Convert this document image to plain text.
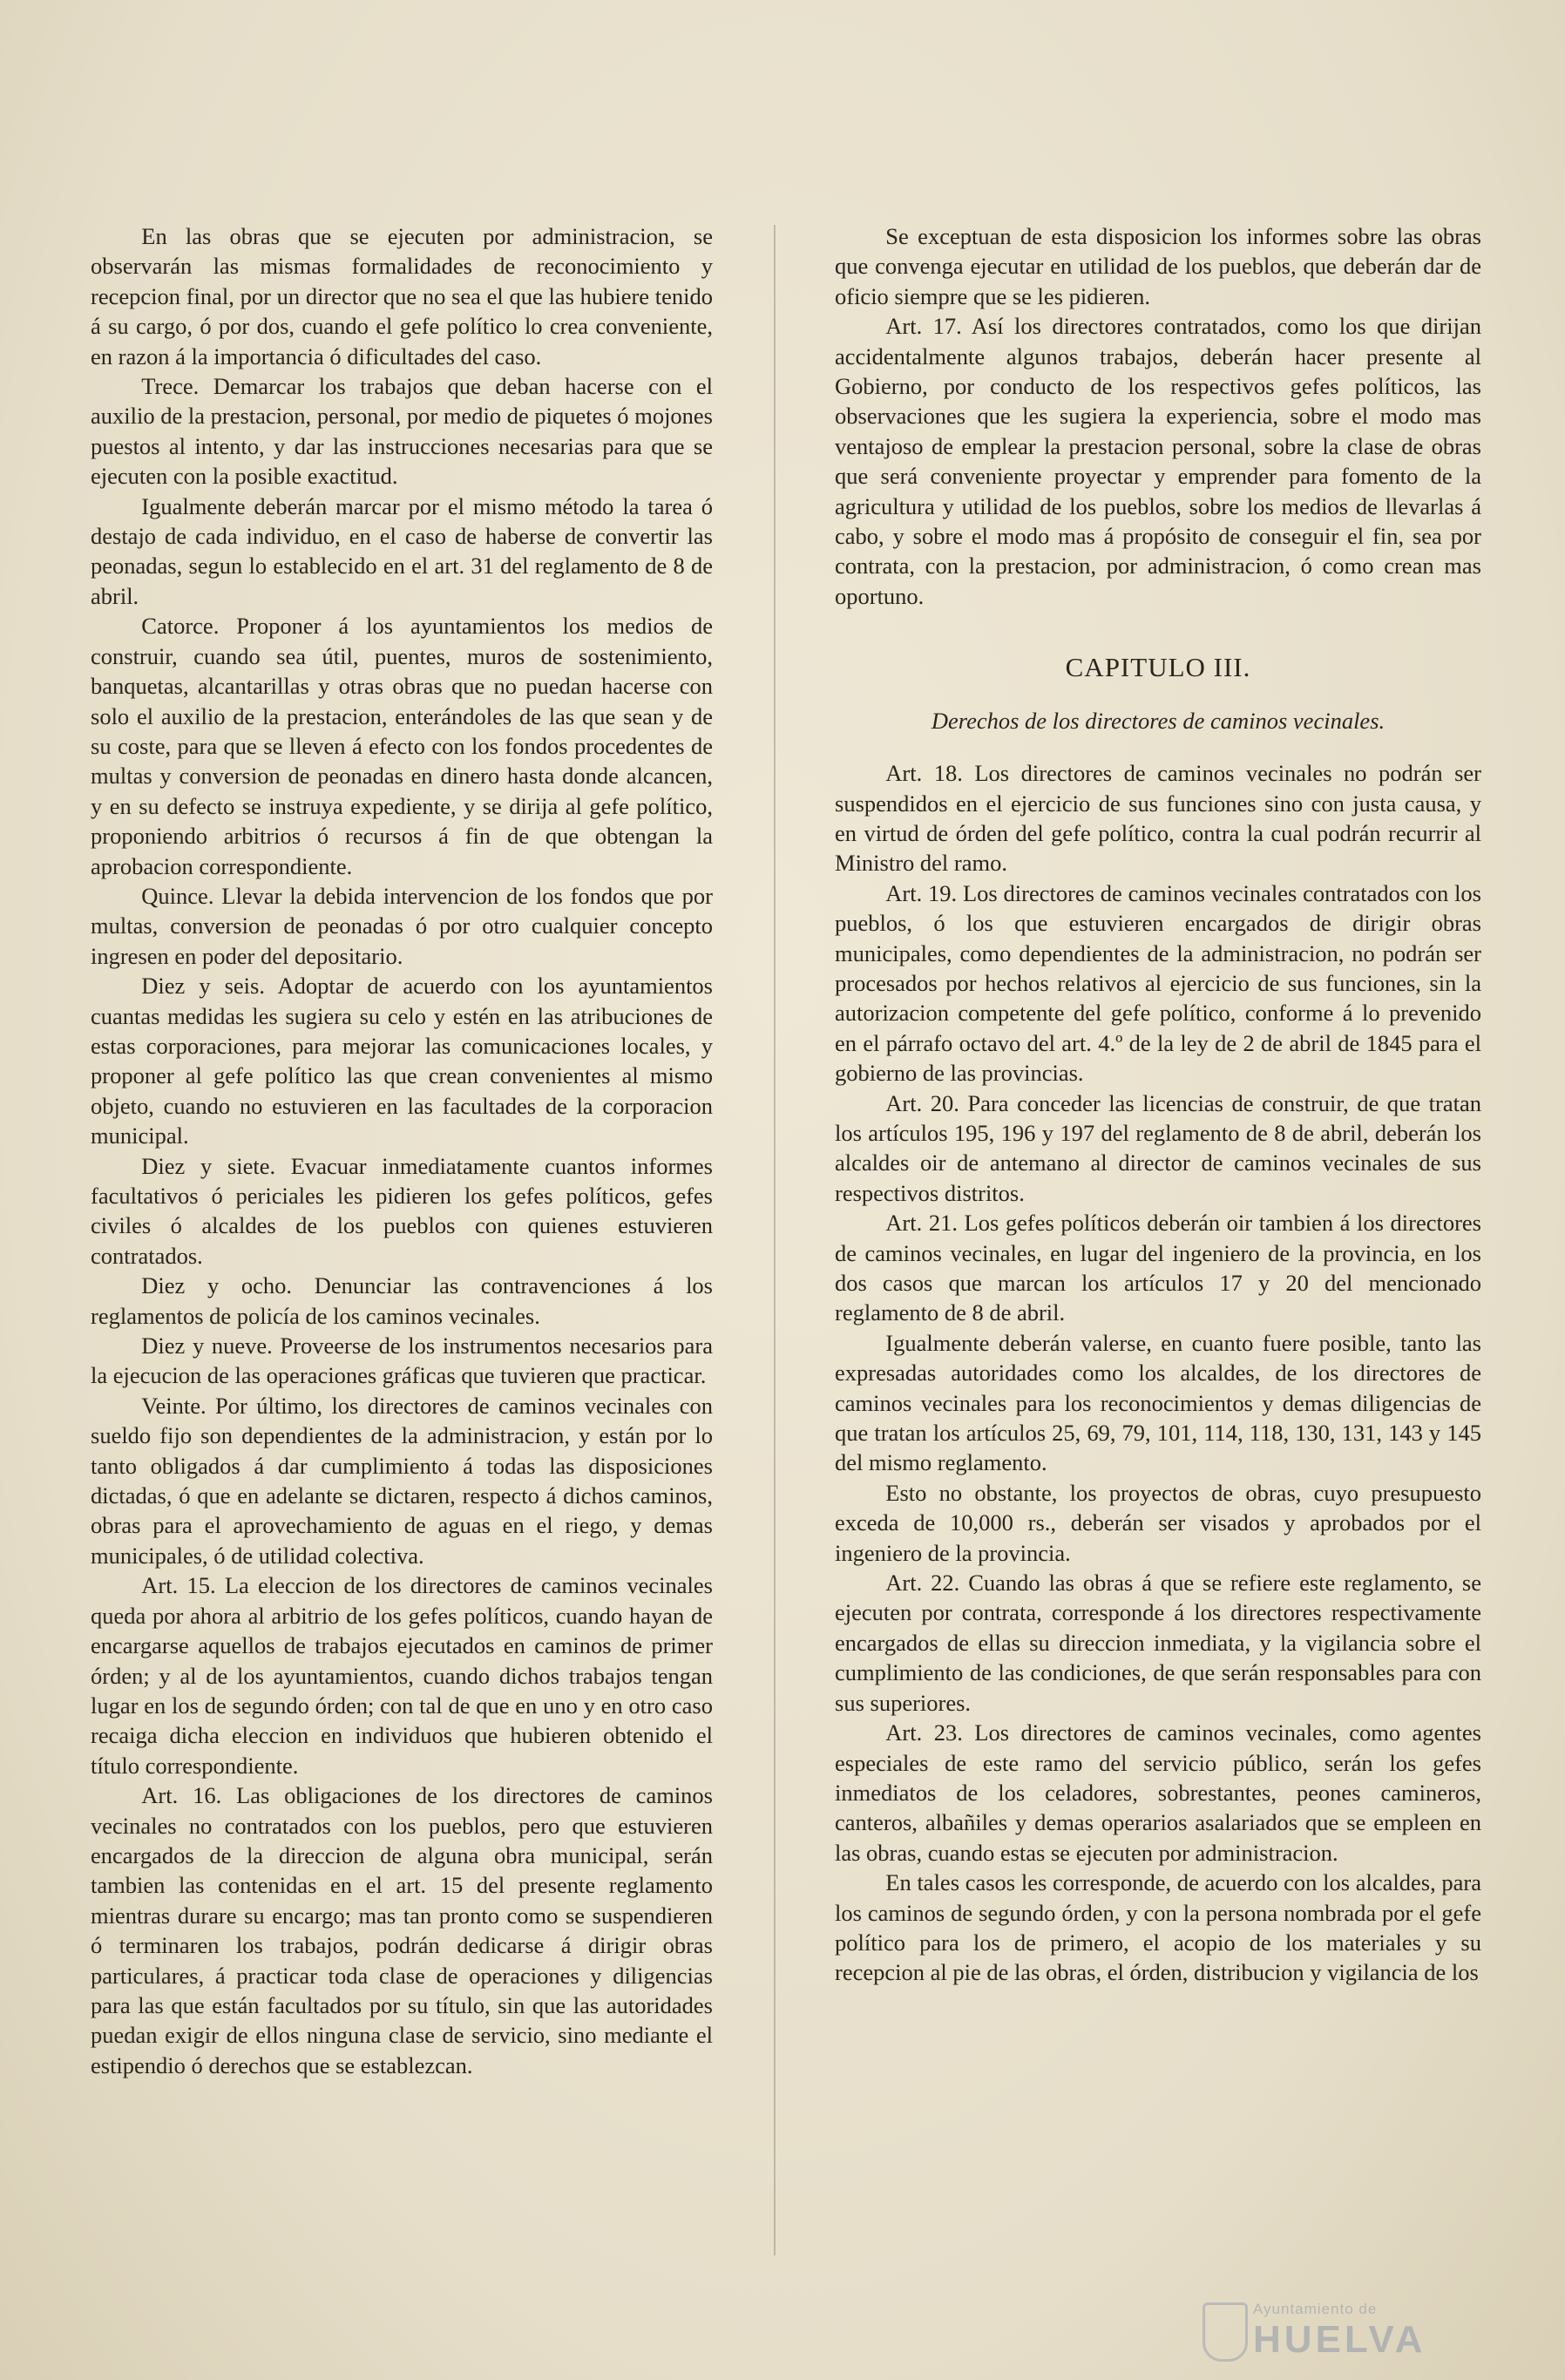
En las obras que se ejecuten por administracion, se observarán las mismas formalidades de reconocimiento y recepcion final, por un director que no sea el que las hubiere tenido á su cargo, ó por dos, cuando el gefe político lo crea conveniente, en razon á la importancia ó dificultades del caso.

Trece. Demarcar los trabajos que deban hacerse con el auxilio de la prestacion, personal, por medio de piquetes ó mojones puestos al intento, y dar las instrucciones necesarias para que se ejecuten con la posible exactitud.

Igualmente deberán marcar por el mismo método la tarea ó destajo de cada individuo, en el caso de haberse de convertir las peonadas, segun lo establecido en el art. 31 del reglamento de 8 de abril.

Catorce. Proponer á los ayuntamientos los medios de construir, cuando sea útil, puentes, muros de sostenimiento, banquetas, alcantarillas y otras obras que no puedan hacerse con solo el auxilio de la prestacion, enterándoles de las que sean y de su coste, para que se lleven á efecto con los fondos procedentes de multas y conversion de peonadas en dinero hasta donde alcancen, y en su defecto se instruya expediente, y se dirija al gefe político, proponiendo arbitrios ó recursos á fin de que obtengan la aprobacion correspondiente.

Quince. Llevar la debida intervencion de los fondos que por multas, conversion de peonadas ó por otro cualquier concepto ingresen en poder del depositario.

Diez y seis. Adoptar de acuerdo con los ayuntamientos cuantas medidas les sugiera su celo y estén en las atribuciones de estas corporaciones, para mejorar las comunicaciones locales, y proponer al gefe político las que crean convenientes al mismo objeto, cuando no estuvieren en las facultades de la corporacion municipal.

Diez y siete. Evacuar inmediatamente cuantos informes facultativos ó periciales les pidieren los gefes políticos, gefes civiles ó alcaldes de los pueblos con quienes estuvieren contratados.

Diez y ocho. Denunciar las contravenciones á los reglamentos de policía de los caminos vecinales.

Diez y nueve. Proveerse de los instrumentos necesarios para la ejecucion de las operaciones gráficas que tuvieren que practicar.

Veinte. Por último, los directores de caminos vecinales con sueldo fijo son dependientes de la administracion, y están por lo tanto obligados á dar cumplimiento á todas las disposiciones dictadas, ó que en adelante se dictaren, respecto á dichos caminos, obras para el aprovechamiento de aguas en el riego, y demas municipales, ó de utilidad colectiva.

Art. 15. La eleccion de los directores de caminos vecinales queda por ahora al arbitrio de los gefes políticos, cuando hayan de encargarse aquellos de trabajos ejecutados en caminos de primer órden; y al de los ayuntamientos, cuando dichos trabajos tengan lugar en los de segundo órden; con tal de que en uno y en otro caso recaiga dicha eleccion en individuos que hubieren obtenido el título correspondiente.

Art. 16. Las obligaciones de los directores de caminos vecinales no contratados con los pueblos, pero que estuvieren encargados de la direccion de alguna obra municipal, serán tambien las contenidas en el art. 15 del presente reglamento mientras durare su encargo; mas tan pronto como se suspendieren ó terminaren los trabajos, podrán dedicarse á dirigir obras particulares, á practicar toda clase de operaciones y diligencias para las que están facultados por su título, sin que las autoridades puedan exigir de ellos ninguna clase de servicio, sino mediante el estipendio ó derechos que se establezcan.

Se exceptuan de esta disposicion los informes sobre las obras que convenga ejecutar en utilidad de los pueblos, que deberán dar de oficio siempre que se les pidieren.

Art. 17. Así los directores contratados, como los que dirijan accidentalmente algunos trabajos, deberán hacer presente al Gobierno, por conducto de los respectivos gefes políticos, las observaciones que les sugiera la experiencia, sobre el modo mas ventajoso de emplear la prestacion personal, sobre la clase de obras que será conveniente proyectar y emprender para fomento de la agricultura y utilidad de los pueblos, sobre los medios de llevarlas á cabo, y sobre el modo mas á propósito de conseguir el fin, sea por contrata, con la prestacion, por administracion, ó como crean mas oportuno.

CAPITULO III.

Derechos de los directores de caminos vecinales.

Art. 18. Los directores de caminos vecinales no podrán ser suspendidos en el ejercicio de sus funciones sino con justa causa, y en virtud de órden del gefe político, contra la cual podrán recurrir al Ministro del ramo.

Art. 19. Los directores de caminos vecinales contratados con los pueblos, ó los que estuvieren encargados de dirigir obras municipales, como dependientes de la administracion, no podrán ser procesados por hechos relativos al ejercicio de sus funciones, sin la autorizacion competente del gefe político, conforme á lo prevenido en el párrafo octavo del art. 4.º de la ley de 2 de abril de 1845 para el gobierno de las provincias.

Art. 20. Para conceder las licencias de construir, de que tratan los artículos 195, 196 y 197 del reglamento de 8 de abril, deberán los alcaldes oir de antemano al director de caminos vecinales de sus respectivos distritos.

Art. 21. Los gefes políticos deberán oir tambien á los directores de caminos vecinales, en lugar del ingeniero de la provincia, en los dos casos que marcan los artículos 17 y 20 del mencionado reglamento de 8 de abril.

Igualmente deberán valerse, en cuanto fuere posible, tanto las expresadas autoridades como los alcaldes, de los directores de caminos vecinales para los reconocimientos y demas diligencias de que tratan los artículos 25, 69, 79, 101, 114, 118, 130, 131, 143 y 145 del mismo reglamento.

Esto no obstante, los proyectos de obras, cuyo presupuesto exceda de 10,000 rs., deberán ser visados y aprobados por el ingeniero de la provincia.

Art. 22. Cuando las obras á que se refiere este reglamento, se ejecuten por contrata, corresponde á los directores respectivamente encargados de ellas su direccion inmediata, y la vigilancia sobre el cumplimiento de las condiciones, de que serán responsables para con sus superiores.

Art. 23. Los directores de caminos vecinales, como agentes especiales de este ramo del servicio público, serán los gefes inmediatos de los celadores, sobrestantes, peones camineros, canteros, albañiles y demas operarios asalariados que se empleen en las obras, cuando estas se ejecuten por administracion.

En tales casos les corresponde, de acuerdo con los alcaldes, para los caminos de segundo órden, y con la persona nombrada por el gefe político para los de primero, el acopio de los materiales y su recepcion al pie de las obras, el órden, distribucion y vigilancia de los

Ayuntamiento de
HUELVA
